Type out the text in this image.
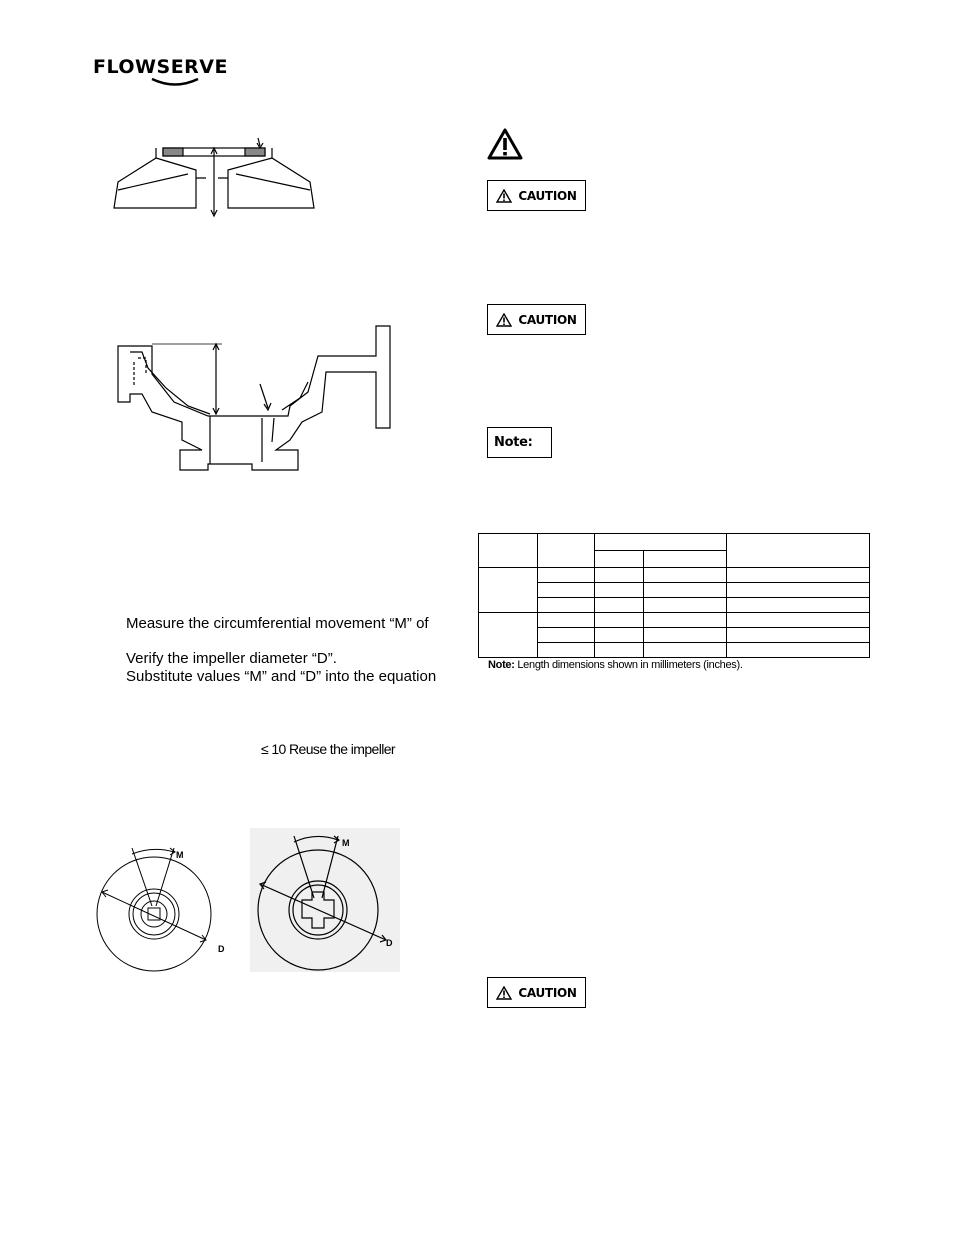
FLOWSERVE
Measure the circumferential movement “M” of
Verify the impeller diameter “D”.
Substitute values “M” and “D” into the equation
≤ 10 Reuse the impeller
M
D
M
D
CAUTION
CAUTION
CAUTION
Note:

Note: Length dimensions shown in millimeters (inches).
